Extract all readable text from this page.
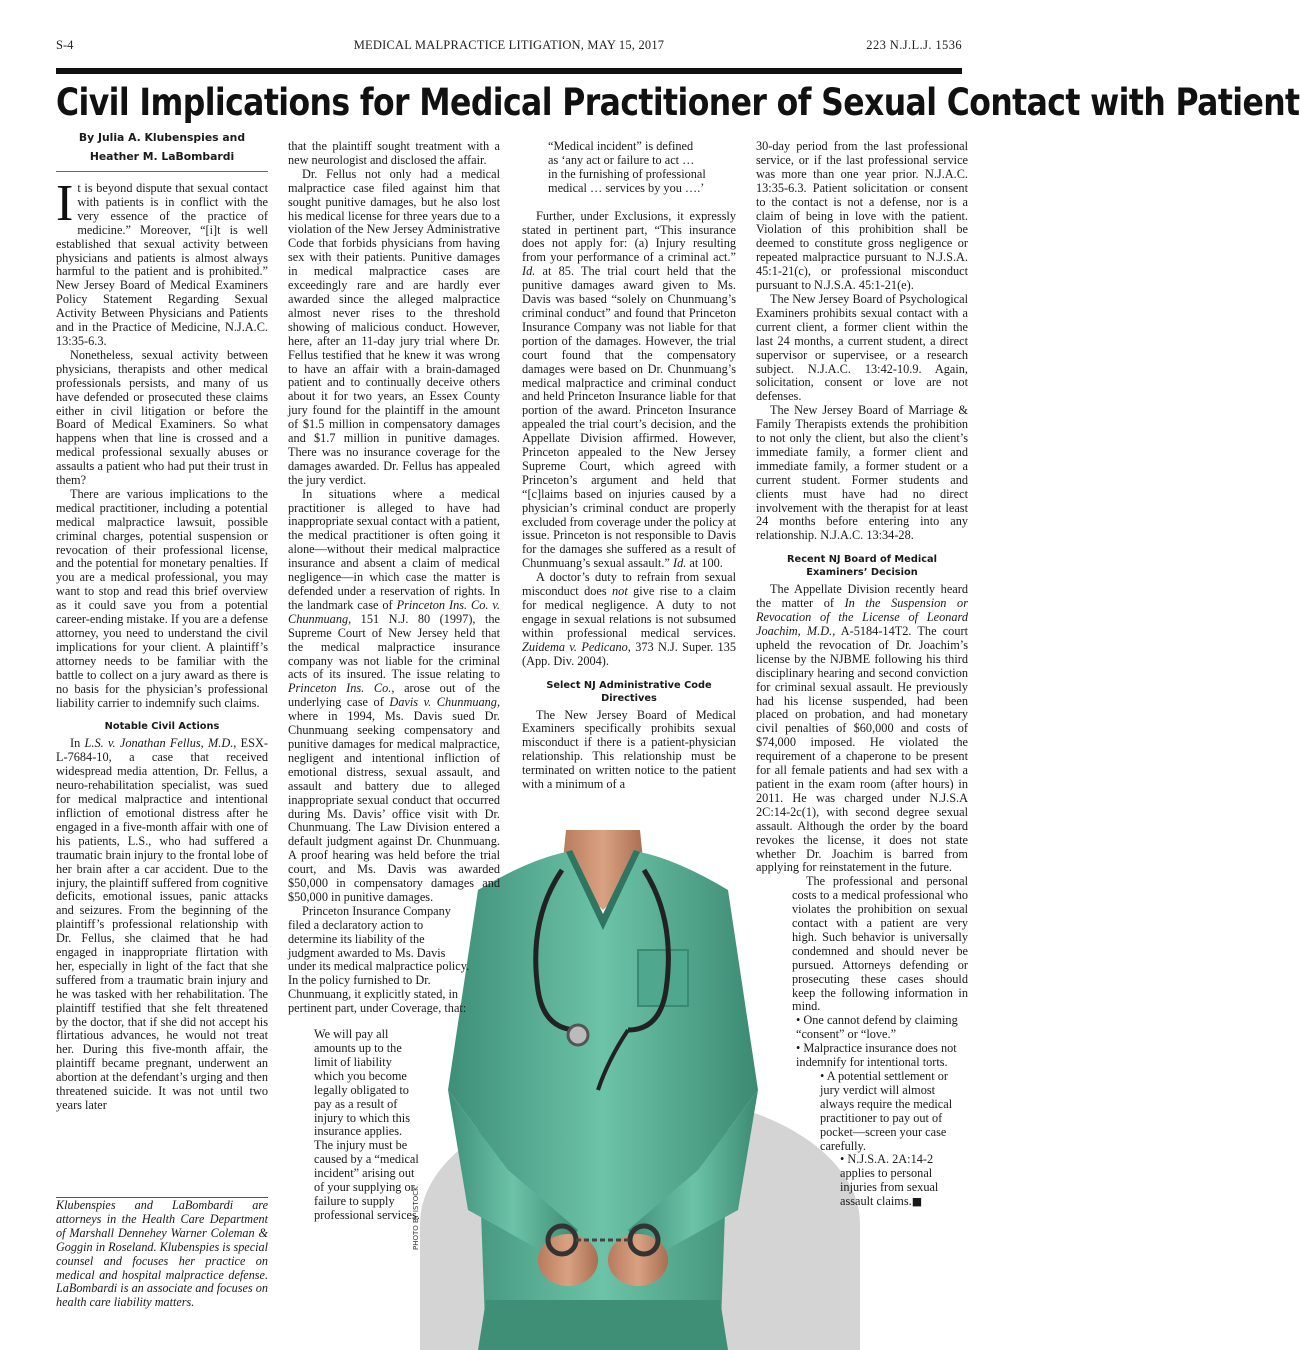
S-4	MEDICAL MALPRACTICE LITIGATION, MAY 15, 2017	223 N.J.L.J. 1536
Civil Implications for Medical Practitioner of Sexual Contact with Patient
By Julia A. Klubenspies and
Heather M. LaBombardi

It is beyond dispute that sexual contact with patients is in conflict with the very essence of the practice of medicine.” Moreover, “[i]t is well established that sexual activity between physicians and patients is almost always harmful to the patient and is prohibited.” New Jersey Board of Medical Examiners Policy Statement Regarding Sexual Activity Between Physicians and Patients and in the Practice of Medicine, N.J.A.C. 13:35-6.3.

Nonetheless, sexual activity between physicians, therapists and other medical professionals persists, and many of us have defended or prosecuted these claims either in civil litigation or before the Board of Medical Examiners. So what happens when that line is crossed and a medical professional sexually abuses or assaults a patient who had put their trust in them?

There are various implications to the medical practitioner, including a potential medical malpractice lawsuit, possible criminal charges, potential suspension or revocation of their professional license, and the potential for monetary penalties. If you are a medical professional, you may want to stop and read this brief overview as it could save you from a potential career-ending mistake. If you are a defense attorney, you need to understand the civil implications for your client. A plaintiff’s attorney needs to be familiar with the battle to collect on a jury award as there is no basis for the physician’s professional liability carrier to indemnify such claims.

Notable Civil Actions

In L.S. v. Jonathan Fellus, M.D., ESX-L-7684-10, a case that received widespread media attention, Dr. Fellus, a neuro-rehabilitation specialist, was sued for medical malpractice and intentional infliction of emotional distress after he engaged in a five-month affair with one of his patients, L.S., who had suffered a traumatic brain injury to the frontal lobe of her brain after a car accident. Due to the injury, the plaintiff suffered from cognitive deficits, emotional issues, panic attacks and seizures. From the beginning of the plaintiff’s professional relationship with Dr. Fellus, she claimed that he had engaged in inappropriate flirtation with her, especially in light of the fact that she suffered from a traumatic brain injury and he was tasked with her rehabilitation. The plaintiff testified that she felt threatened by the doctor, that if she did not accept his flirtatious advances, he would not treat her. During this five-month affair, the plaintiff became pregnant, underwent an abortion at the defendant’s urging and then threatened suicide. It was not until two years later

Klubenspies and LaBombardi are attorneys in the Health Care Department of Marshall Dennehey Warner Coleman & Goggin in Roseland. Klubenspies is special counsel and focuses her practice on medical and hospital malpractice defense. LaBombardi is an associate and focuses on health care liability matters.
PHOTO BY ISTOCK

that the plaintiff sought treatment with a new neurologist and disclosed the affair.

Dr. Fellus not only had a medical malpractice case filed against him that sought punitive damages, but he also lost his medical license for three years due to a violation of the New Jersey Administrative Code that forbids physicians from having sex with their patients. Punitive damages in medical malpractice cases are exceedingly rare and are hardly ever awarded since the alleged malpractice almost never rises to the threshold showing of malicious conduct. However, here, after an 11-day jury trial where Dr. Fellus testified that he knew it was wrong to have an affair with a brain-damaged patient and to continually deceive others about it for two years, an Essex County jury found for the plaintiff in the amount of $1.5 million in compensatory damages and $1.7 million in punitive damages. There was no insurance coverage for the damages awarded. Dr. Fellus has appealed the jury verdict.

In situations where a medical practitioner is alleged to have had inappropriate sexual contact with a patient, the medical practitioner is often going it alone—without their medical malpractice insurance and absent a claim of medical negligence—in which case the matter is defended under a reservation of rights. In the landmark case of Princeton Ins. Co. v. Chunmuang, 151 N.J. 80 (1997), the Supreme Court of New Jersey held that the medical malpractice insurance company was not liable for the criminal acts of its insured. The issue relating to Princeton Ins. Co., arose out of the underlying case of Davis v. Chunmuang, where in 1994, Ms. Davis sued Dr. Chunmuang seeking compensatory and punitive damages for medical malpractice, negligent and intentional infliction of emotional distress, sexual assault, and assault and battery due to alleged inappropriate sexual conduct that occurred during Ms. Davis’ office visit with Dr. Chunmuang. The Law Division entered a default judgment against Dr. Chunmuang. A proof hearing was held before the trial court, and Ms. Davis was awarded $50,000 in compensatory damages and $50,000 in punitive damages.

Princeton Insurance Company filed a declaratory action to determine its liability of the judgment awarded to Ms. Davis under its medical malpractice policy. In the policy furnished to Dr. Chunmuang, it explicitly stated, in pertinent part, under Coverage, that:

We will pay all amounts up to the limit of liability which you become legally obligated to pay as a result of injury to which this insurance applies. The injury must be caused by a “medical incident” arising out of your supplying or failure to supply professional services.

“Medical incident” is defined as ‘any act or failure to act … in the furnishing of professional medical … services by you ….’

Further, under Exclusions, it expressly stated in pertinent part, “This insurance does not apply for: (a) Injury resulting from your performance of a criminal act.” Id. at 85. The trial court held that the punitive damages award given to Ms. Davis was based “solely on Chunmuang’s criminal conduct” and found that Princeton Insurance Company was not liable for that portion of the damages. However, the trial court found that the compensatory damages were based on Dr. Chunmuang’s medical malpractice and criminal conduct and held Princeton Insurance liable for that portion of the award. Princeton Insurance appealed the trial court’s decision, and the Appellate Division affirmed. However, Princeton appealed to the New Jersey Supreme Court, which agreed with Princeton’s argument and held that “[c]laims based on injuries caused by a physician’s criminal conduct are properly excluded from coverage under the policy at issue. Princeton is not responsible to Davis for the damages she suffered as a result of Chunmuang’s sexual assault.” Id. at 100.

A doctor’s duty to refrain from sexual misconduct does not give rise to a claim for medical negligence. A duty to not engage in sexual relations is not subsumed within professional medical services. Zuidema v. Pedicano, 373 N.J. Super. 135 (App. Div. 2004).

Select NJ Administrative Code Directives

The New Jersey Board of Medical Examiners specifically prohibits sexual misconduct if there is a patient-physician relationship. This relationship must be terminated on written notice to the patient with a minimum of a

30-day period from the last professional service, or if the last professional service was more than one year prior. N.J.A.C. 13:35-6.3. Patient solicitation or consent to the contact is not a defense, nor is a claim of being in love with the patient. Violation of this prohibition shall be deemed to constitute gross negligence or repeated malpractice pursuant to N.J.S.A. 45:1-21(c), or professional misconduct pursuant to N.J.S.A. 45:1-21(e).

The New Jersey Board of Psychological Examiners prohibits sexual contact with a current client, a former client within the last 24 months, a current student, a direct supervisor or supervisee, or a research subject. N.J.A.C. 13:42-10.9. Again, solicitation, consent or love are not defenses.

The New Jersey Board of Marriage & Family Therapists extends the prohibition to not only the client, but also the client’s immediate family, a former client and immediate family, a former student or a current student. Former students and clients must have had no direct involvement with the therapist for at least 24 months before entering into any relationship. N.J.A.C. 13:34-28.

Recent NJ Board of Medical Examiners’ Decision

The Appellate Division recently heard the matter of In the Suspension or Revocation of the License of Leonard Joachim, M.D., A-5184-14T2. The court upheld the revocation of Dr. Joachim’s license by the NJBME following his third disciplinary hearing and second conviction for criminal sexual assault. He previously had his license suspended, had been placed on probation, and had monetary civil penalties of $60,000 and costs of $74,000 imposed. He violated the requirement of a chaperone to be present for all female patients and had sex with a patient in the exam room (after hours) in 2011. He was charged under N.J.S.A 2C:14-2c(1), with second degree sexual assault. Although the order by the board revokes the license, it does not state whether Dr. Joachim is barred from applying for reinstatement in the future.

The professional and personal costs to a medical professional who violates the prohibition on sexual contact with a patient are very high. Such behavior is universally condemned and should never be pursued. Attorneys defending or prosecuting these cases should keep the following information in mind.

• One cannot defend by claiming “consent” or “love.”
• Malpractice insurance does not indemnify for intentional torts.
• A potential settlement or jury verdict will almost always require the medical practitioner to pay out of pocket—screen your case carefully.
• N.J.S.A. 2A:14-2 applies to personal injuries from sexual assault claims.■
